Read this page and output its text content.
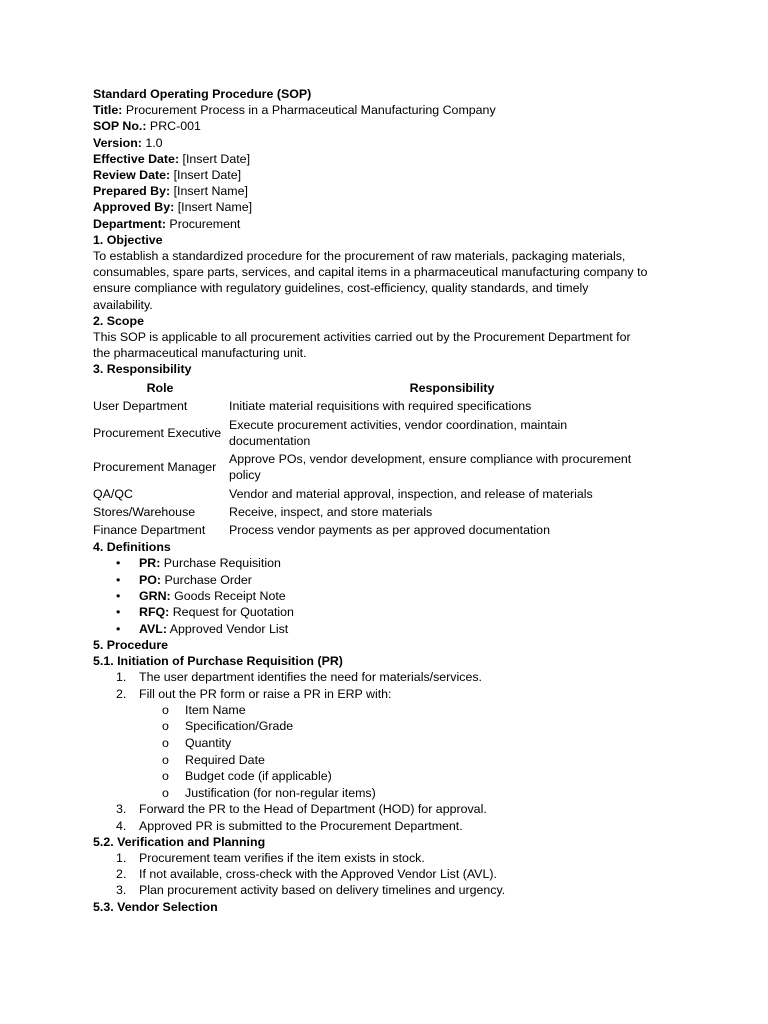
Standard Operating Procedure (SOP)
Title: Procurement Process in a Pharmaceutical Manufacturing Company
SOP No.: PRC-001
Version: 1.0
Effective Date: [Insert Date]
Review Date: [Insert Date]
Prepared By: [Insert Name]
Approved By: [Insert Name]
Department: Procurement
1. Objective
To establish a standardized procedure for the procurement of raw materials, packaging materials,
consumables, spare parts, services, and capital items in a pharmaceutical manufacturing company to
ensure compliance with regulatory guidelines, cost-efficiency, quality standards, and timely
availability.
2. Scope
This SOP is applicable to all procurement activities carried out by the Procurement Department for
the pharmaceutical manufacturing unit.
3. Responsibility
Role	Responsibility
User Department	Initiate material requisitions with required specifications
Procurement Executive	Execute procurement activities, vendor coordination, maintain
documentation

Procurement Manager	Approve POs, vendor development, ensure compliance with procurement
policy

QA/QC	Vendor and material approval, inspection, and release of materials
Stores/Warehouse	Receive, inspect, and store materials
Finance Department	Process vendor payments as per approved documentation
4. Definitions
• PR: Purchase Requisition
• PO: Purchase Order
• GRN: Goods Receipt Note
• RFQ: Request for Quotation
• AVL: Approved Vendor List
5. Procedure
5.1. Initiation of Purchase Requisition (PR)
1. The user department identifies the need for materials/services.
2. Fill out the PR form or raise a PR in ERP with:
o Item Name
o Specification/Grade
o Quantity
o Required Date
o Budget code (if applicable)
o Justification (for non-regular items)
3. Forward the PR to the Head of Department (HOD) for approval.
4. Approved PR is submitted to the Procurement Department.
5.2. Verification and Planning
1. Procurement team verifies if the item exists in stock.
2. If not available, cross-check with the Approved Vendor List (AVL).
3. Plan procurement activity based on delivery timelines and urgency.
5.3. Vendor Selection
